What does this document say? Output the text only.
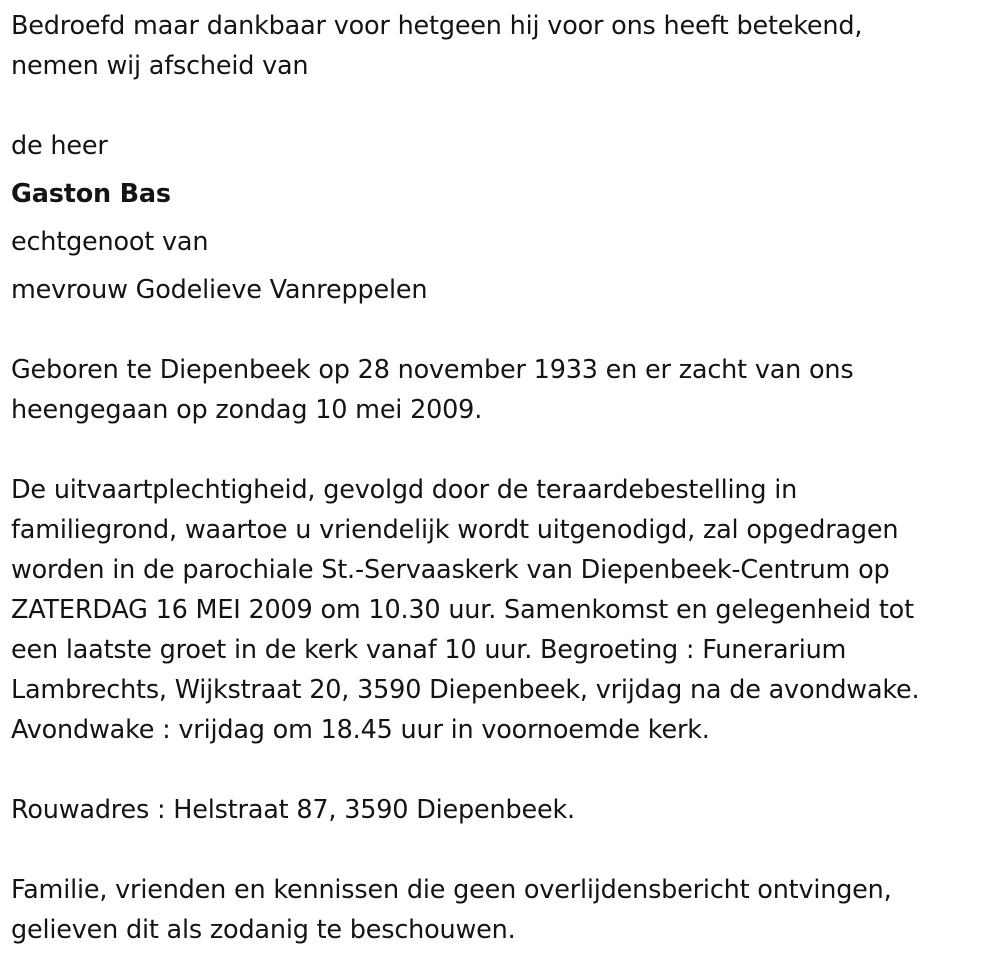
Bedroefd maar dankbaar voor hetgeen hij voor ons heeft betekend,
nemen wij afscheid van
de heer
Gaston Bas
echtgenoot van
mevrouw Godelieve Vanreppelen
Geboren te Diepenbeek op 28 november 1933 en er zacht van ons
heengegaan op zondag 10 mei 2009.
De uitvaartplechtigheid, gevolgd door de teraardebestelling in
familiegrond, waartoe u vriendelijk wordt uitgenodigd, zal opgedragen
worden in de parochiale St.-Servaaskerk van Diepenbeek-Centrum op
ZATERDAG 16 MEI 2009 om 10.30 uur. Samenkomst en gelegenheid tot
een laatste groet in de kerk vanaf 10 uur. Begroeting : Funerarium
Lambrechts, Wijkstraat 20, 3590 Diepenbeek, vrijdag na de avondwake.
Avondwake : vrijdag om 18.45 uur in voornoemde kerk.
Rouwadres : Helstraat 87, 3590 Diepenbeek.
Familie, vrienden en kennissen die geen overlijdensbericht ontvingen,
gelieven dit als zodanig te beschouwen.
